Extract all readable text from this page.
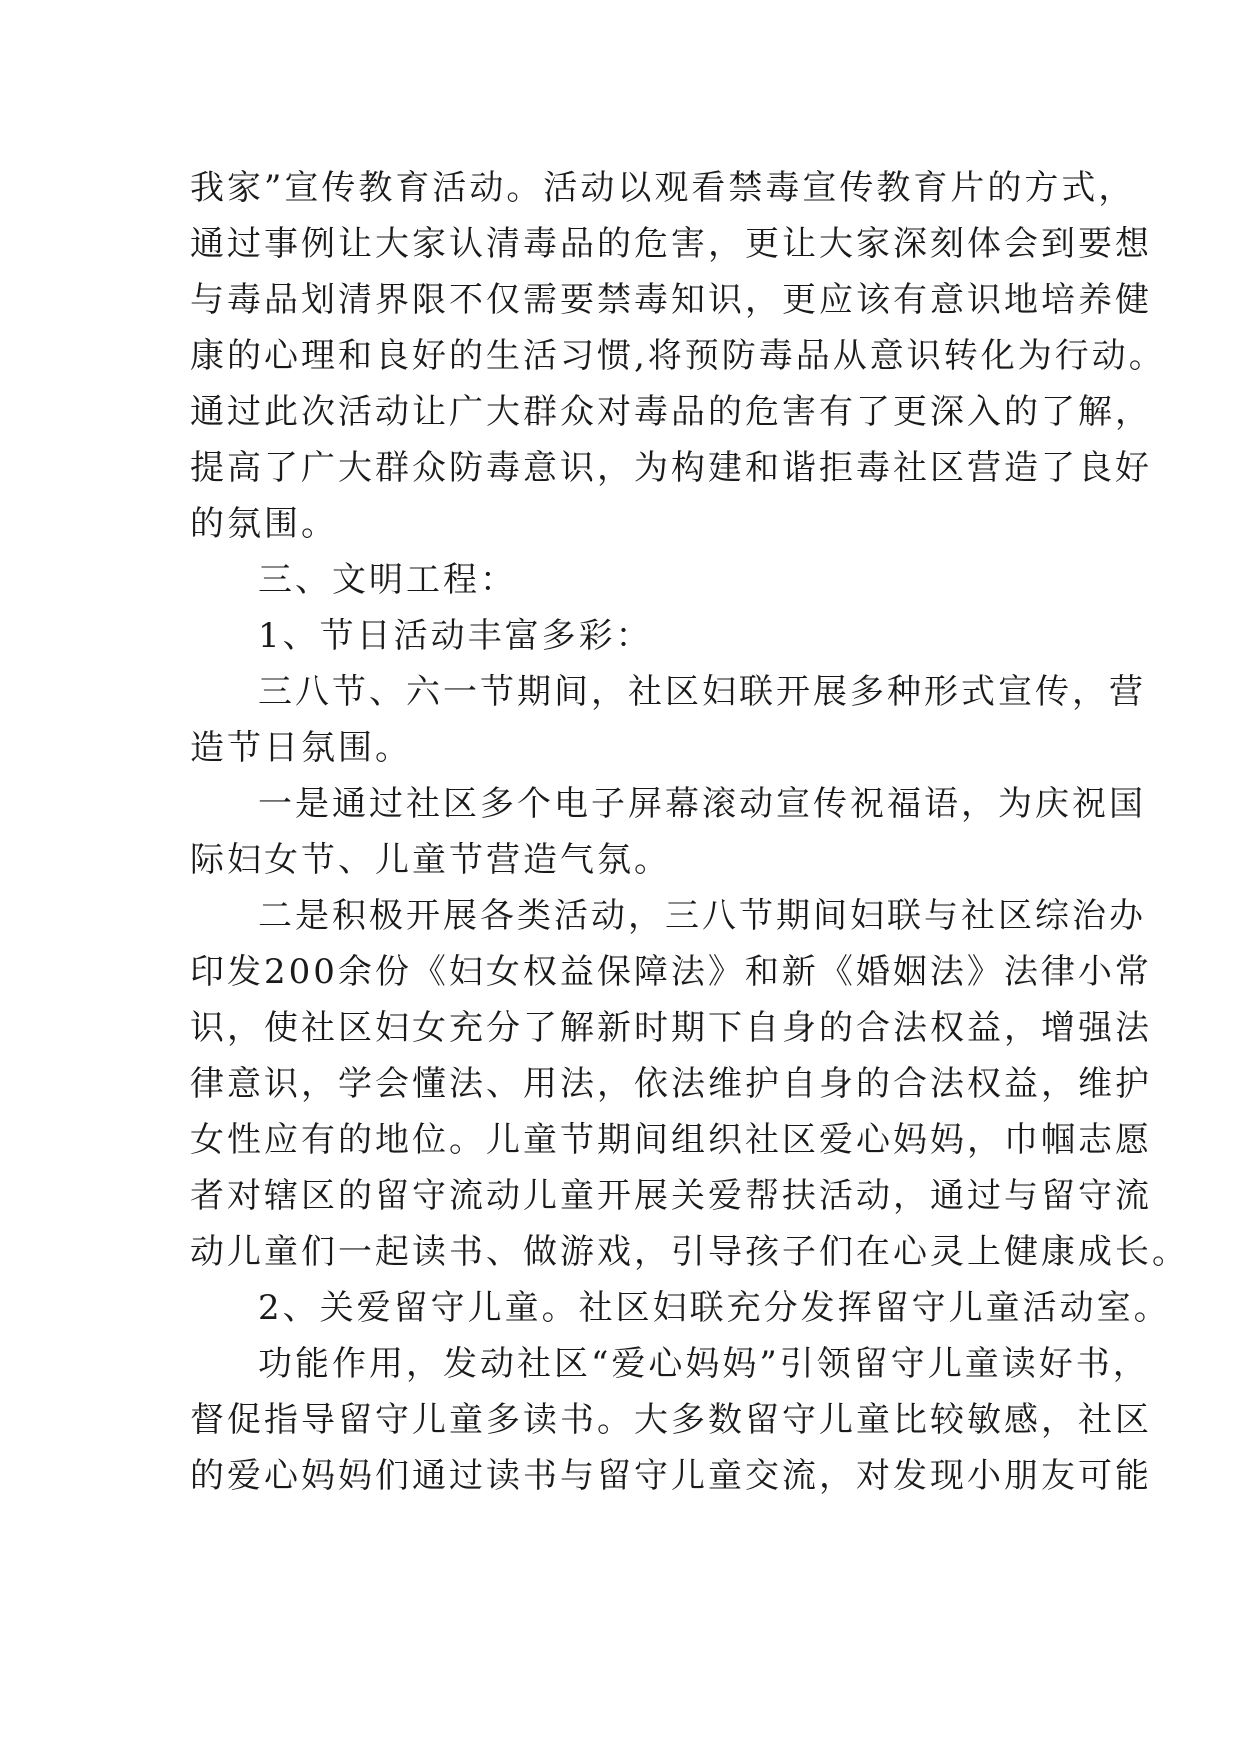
我家”宣传教育活动。活动以观看禁毒宣传教育片的方式，
通过事例让大家认清毒品的危害，更让大家深刻体会到要想
与毒品划清界限不仅需要禁毒知识，更应该有意识地培养健
康的心理和良好的生活习惯,将预防毒品从意识转化为行动。
通过此次活动让广大群众对毒品的危害有了更深入的了解，
提高了广大群众防毒意识，为构建和谐拒毒社区营造了良好
的氛围。
三、文明工程：
1、节日活动丰富多彩：
三八节、六一节期间，社区妇联开展多种形式宣传，营
造节日氛围。
一是通过社区多个电子屏幕滚动宣传祝福语，为庆祝国
际妇女节、儿童节营造气氛。
二是积极开展各类活动，三八节期间妇联与社区综治办
印发200余份《妇女权益保障法》和新《婚姻法》法律小常
识，使社区妇女充分了解新时期下自身的合法权益，增强法
律意识，学会懂法、用法，依法维护自身的合法权益，维护
女性应有的地位。儿童节期间组织社区爱心妈妈，巾帼志愿
者对辖区的留守流动儿童开展关爱帮扶活动，通过与留守流
动儿童们一起读书、做游戏，引导孩子们在心灵上健康成长。
2、关爱留守儿童。社区妇联充分发挥留守儿童活动室。
功能作用，发动社区“爱心妈妈”引领留守儿童读好书，
督促指导留守儿童多读书。大多数留守儿童比较敏感，社区
的爱心妈妈们通过读书与留守儿童交流，对发现小朋友可能
